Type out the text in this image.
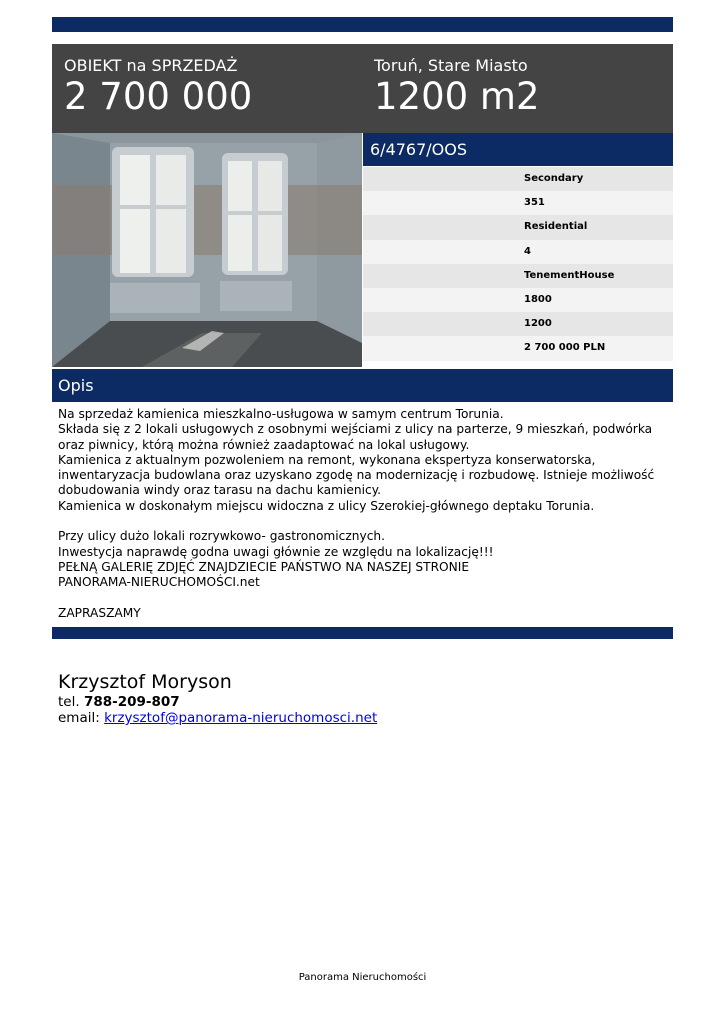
OBIEKT na SPRZEDAŻ
2 700 000
Toruń, Stare Miasto
1200 m2
6/4767/OOS
Secondary
351
Residential
4
TenementHouse
1800
1200
2 700 000 PLN
Opis

Na sprzedaż kamienica mieszkalno-usługowa w samym centrum Torunia.

Składa się z 2 lokali usługowych z osobnymi wejściami z ulicy na parterze, 9 mieszkań, podwórka

oraz piwnicy, którą można również zaadaptować na lokal usługowy.

Kamienica z aktualnym pozwoleniem na remont, wykonana ekspertyza konserwatorska,

inwentaryzacja budowlana oraz uzyskano zgodę na modernizację i rozbudowę. Istnieje możliwość

dobudowania windy oraz tarasu na dachu kamienicy.

Kamienica w doskonałym miejscu widoczna z ulicy Szerokiej-głównego deptaku Torunia.

Przy ulicy dużo lokali rozrywkowo- gastronomicznych.

Inwestycja naprawdę godna uwagi głównie ze względu na lokalizację!!!

PEŁNĄ GALERIĘ ZDJĘĆ ZNAJDZIECIE PAŃSTWO NA NASZEJ STRONIE

PANORAMA-NIERUCHOMOŚCI.net

ZAPRASZAMY

Krzysztof Moryson
tel. 788-209-807
email: krzysztof@panorama-nieruchomosci.net
Panorama Nieruchomości
